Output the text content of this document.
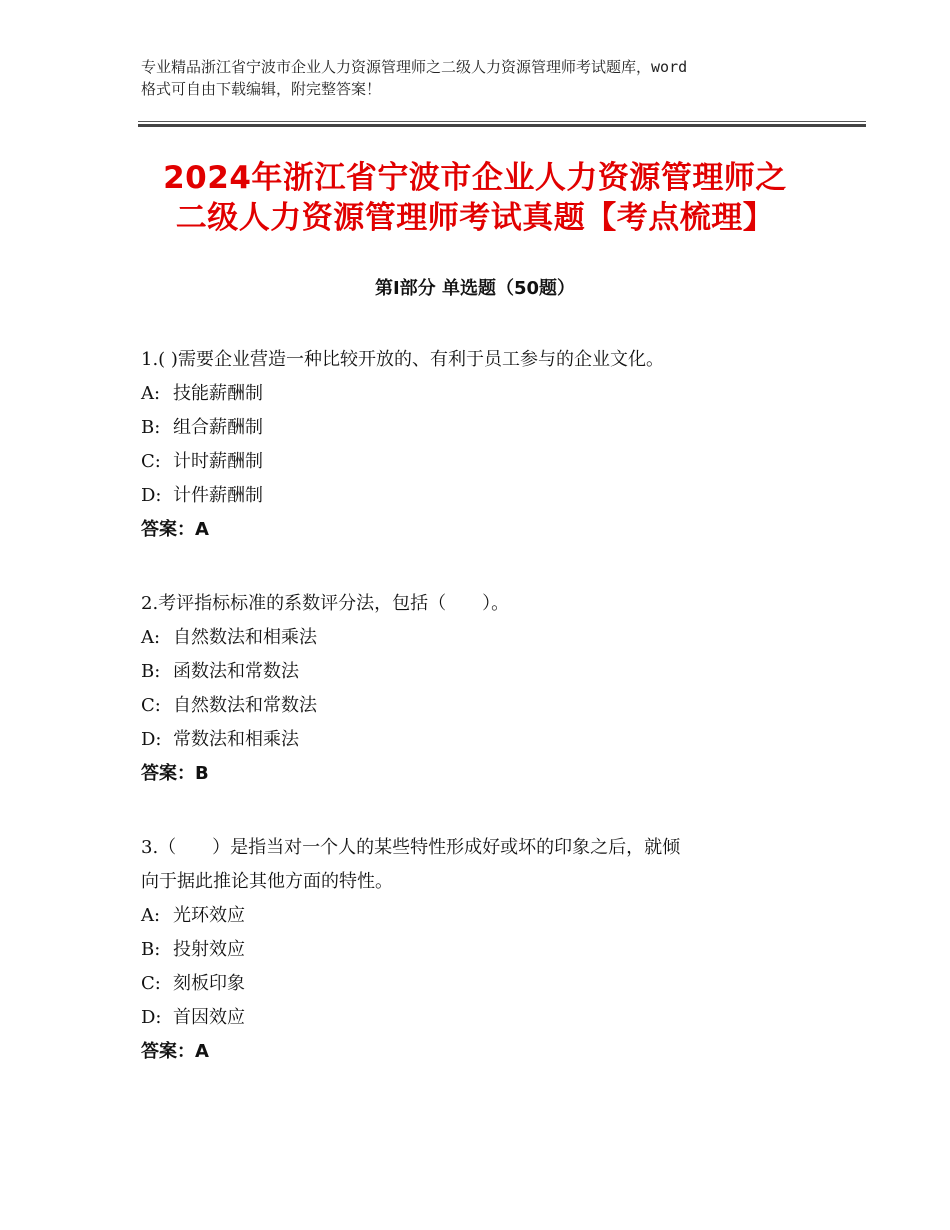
专业精品浙江省宁波市企业人力资源管理师之二级人力资源管理师考试题库，word
格式可自由下载编辑，附完整答案！
2024年浙江省宁波市企业人力资源管理师之
二级人力资源管理师考试真题【考点梳理】
第Ⅰ部分 单选题（50题）
1.( )需要企业营造一种比较开放的、有利于员工参与的企业文化。
A: 技能薪酬制
B: 组合薪酬制
C: 计时薪酬制
D: 计件薪酬制
答案：A
2.考评指标标准的系数评分法，包括（　　）。
A: 自然数法和相乘法
B: 函数法和常数法
C: 自然数法和常数法
D: 常数法和相乘法
答案：B
3.（　　）是指当对一个人的某些特性形成好或坏的印象之后，就倾
向于据此推论其他方面的特性。
A: 光环效应
B: 投射效应
C: 刻板印象
D: 首因效应
答案：A
